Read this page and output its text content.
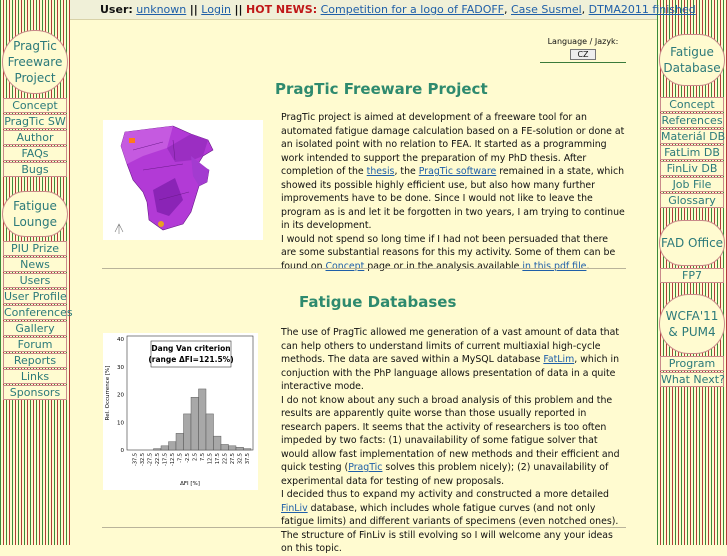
PragTic Freeware Project
Concept
PragTic SW
Author
FAQs
Bugs
Fatigue Lounge
PIU Prize
News
Users
User Profile
Conferences
Gallery
Forum
Reports
Links
Sponsors
Fatigue Database
Concept
References
Materiál DB
FatLim DB
FinLiv DB
Job File
Glossary
FAD Office
FP7
WCFA'11 & PUM4
Program
What Next?
User: unknown || Login || HOT NEWS: Competition for a logo of FADOFF, Case Susmel, DTMA2011 finished
Language / Jazyk:
CZ
PragTic Freeware Project
PragTic project is aimed at development of a freeware tool for an automated fatigue damage calculation based on a FE-solution or done at an isolated point with no relation to FEA. It started as a programming work intended to support the preparation of my PhD thesis. After completion of the thesis, the PragTic software remained in a state, which showed its possible highly efficient use, but also how many further improvements have to be done. Since I would not like to leave the program as is and let it be forgotten in two years, I am trying to continue in its development.
I would not spend so long time if I had not been persuaded that there are some substantial reasons for this my activity. Some of them can be found on Concept page or in the analysis available in this pdf file.
Fatigue Databases
Dang Van criterion
(range ΔFI=121.5%)
0
10
20
30
40
-37.5 -32.5 -27.5 -22.5 -17.5 -12.5 -7.5 -2.5 2.5 7.5 12.5 17.5 22.5 27.5 32.5 37.5
Rel. Occurrence [%]
ΔFI [%]
The use of PragTic allowed me generation of a vast amount of data that can help others to understand limits of current multiaxial high-cycle methods. The data are saved within a MySQL database FatLim, which in conjuction with the PhP language allows presentation of data in a quite interactive mode.
I do not know about any such a broad analysis of this problem and the results are apparently quite worse than those usually reported in research papers. It seems that the activity of researchers is too often impeded by two facts: (1) unavailability of some fatigue solver that would allow fast implementation of new methods and their efficient and quick testing (PragTic solves this problem nicely); (2) unavailability of experimental data for testing of new proposals.
I decided thus to expand my activity and constructed a more detailed FinLiv database, which includes whole fatigue curves (and not only fatigue limits) and different variants of specimens (even notched ones). The structure of FinLiv is still evolving so I will welcome any your ideas on this topic.
